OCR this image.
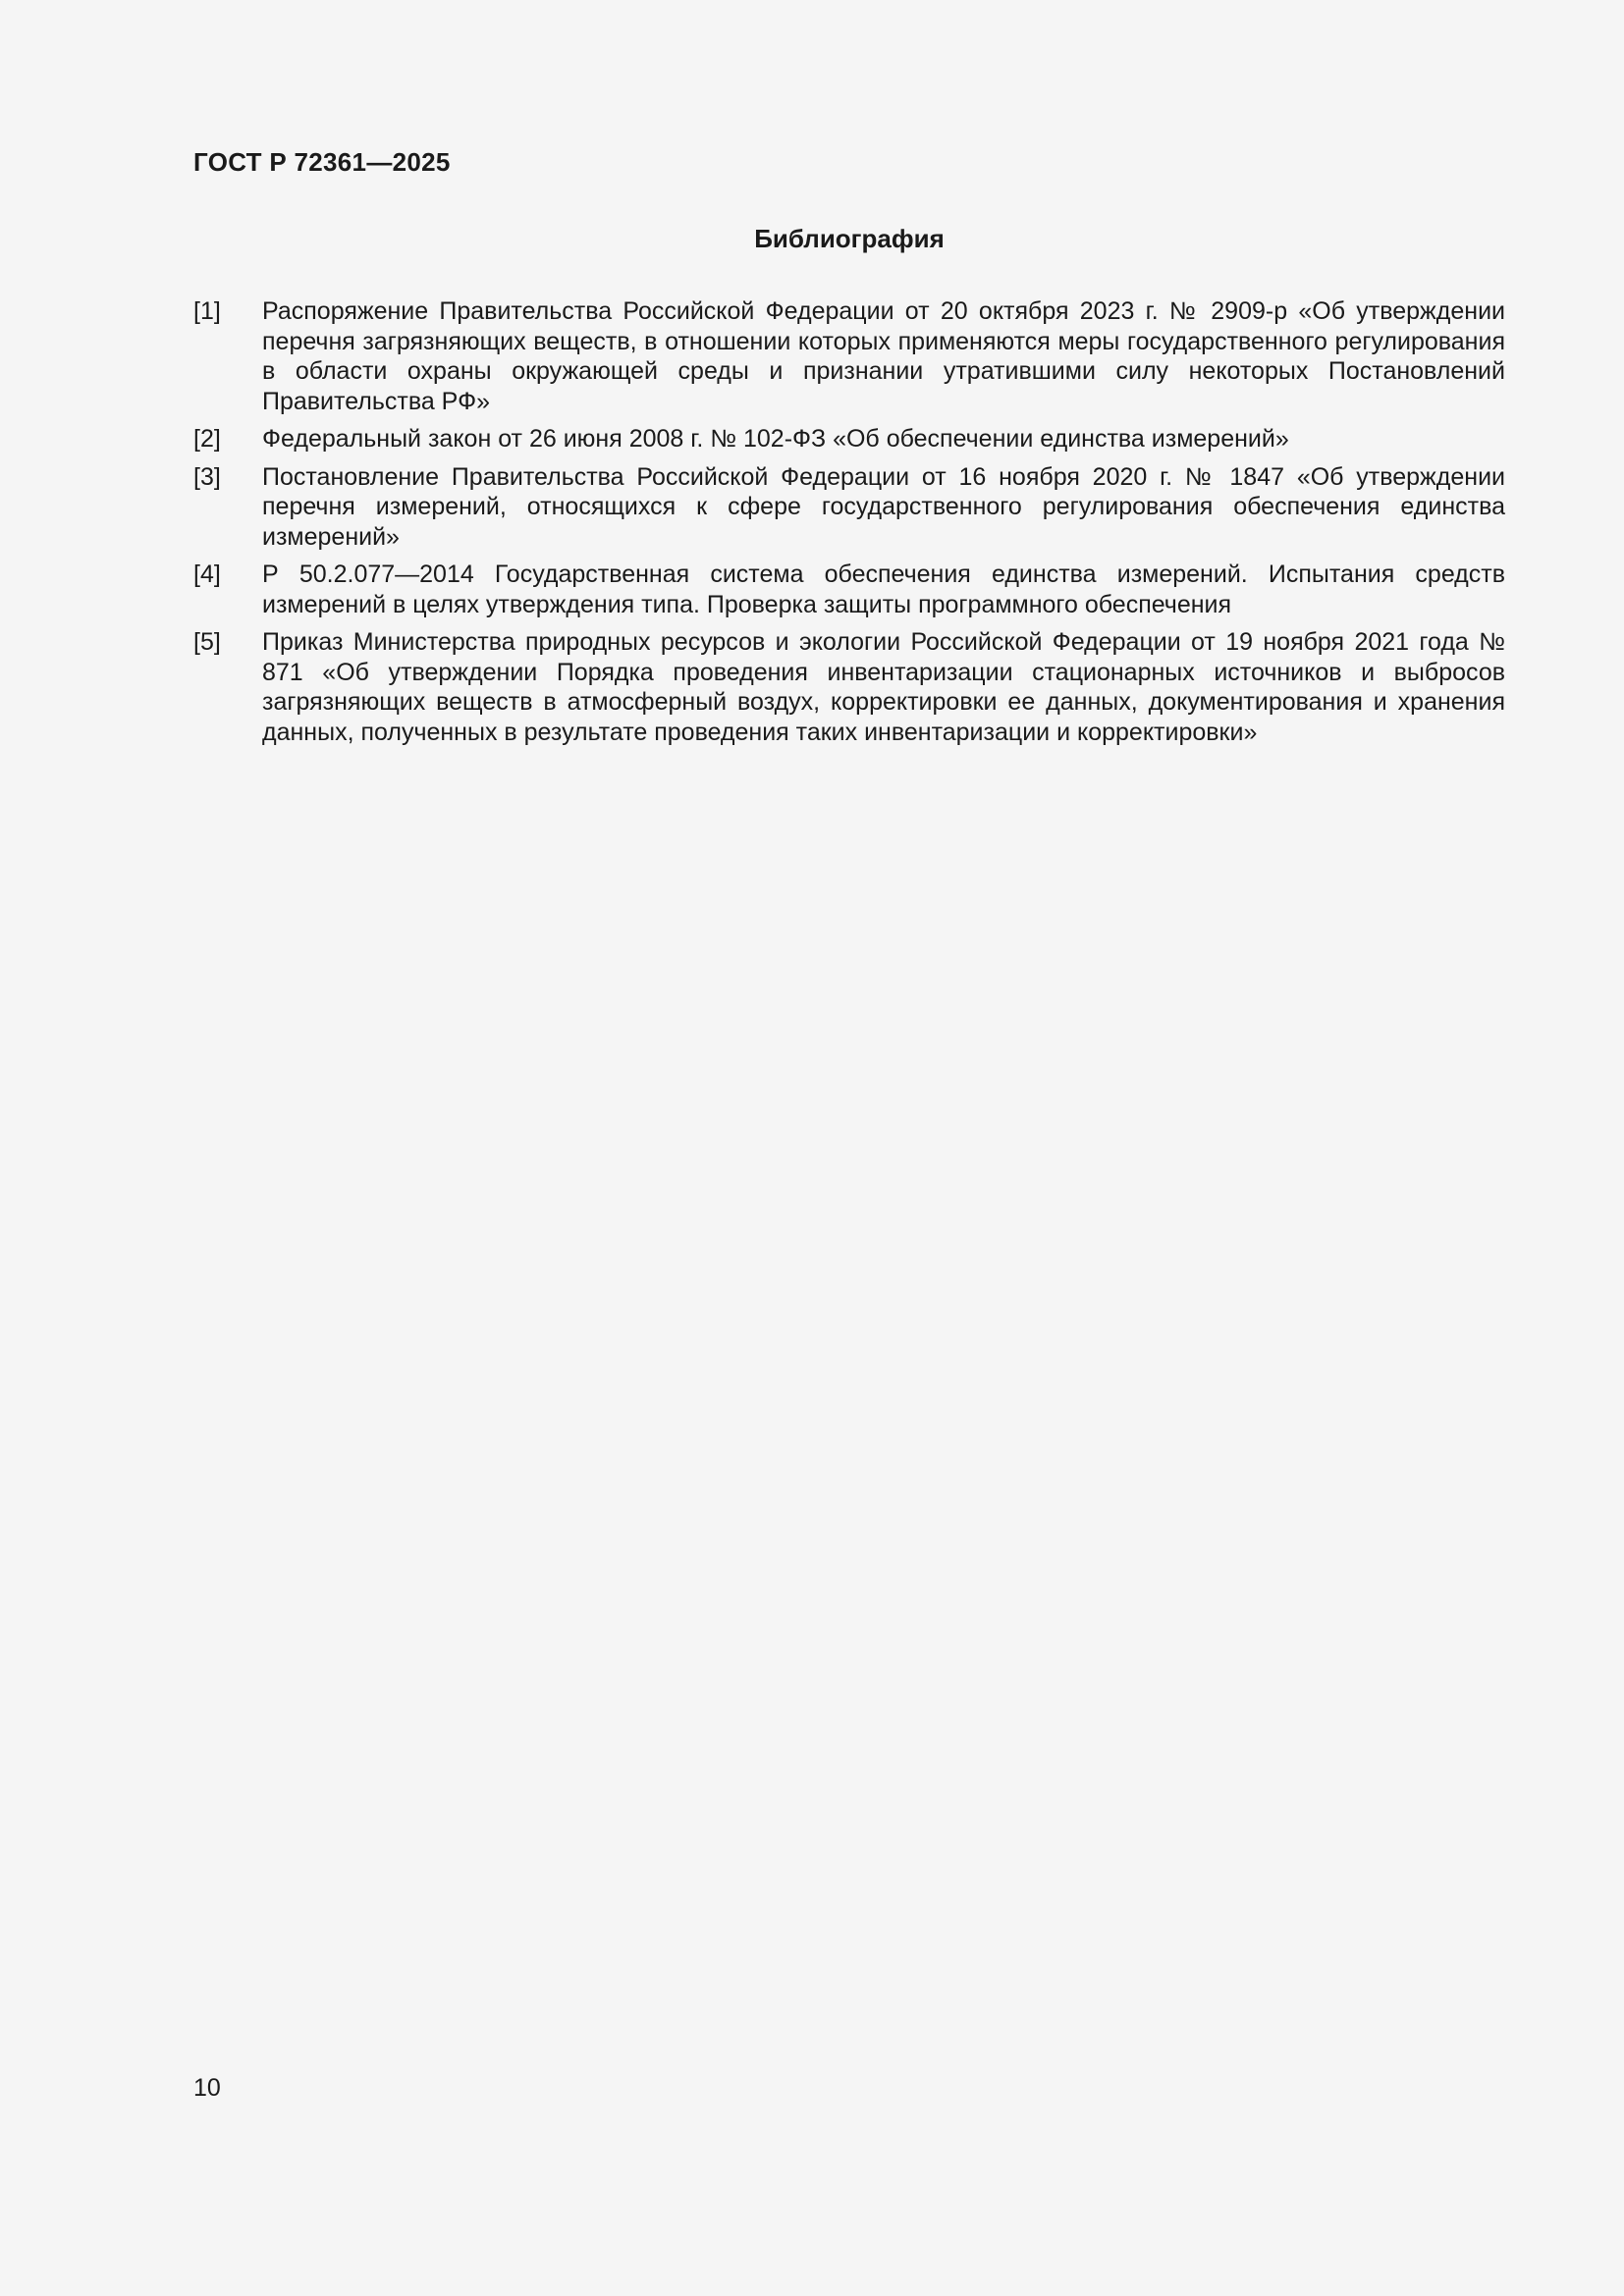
ГОСТ Р 72361—2025
Библиография
[1] Распоряжение Правительства Российской Федерации от 20 октября 2023 г. № 2909-р «Об утверждении перечня загрязняющих веществ, в отношении которых применяются меры государственного регулирования в области охраны окружающей среды и признании утратившими силу некоторых Постановлений Правительства РФ»
[2] Федеральный закон от 26 июня 2008 г. № 102-ФЗ «Об обеспечении единства измерений»
[3] Постановление Правительства Российской Федерации от 16 ноября 2020 г. № 1847 «Об утверждении перечня измерений, относящихся к сфере государственного регулирования обеспечения единства измерений»
[4] Р 50.2.077—2014 Государственная система обеспечения единства измерений. Испытания средств измерений в целях утверждения типа. Проверка защиты программного обеспечения
[5] Приказ Министерства природных ресурсов и экологии Российской Федерации от 19 ноября 2021 года № 871 «Об утверждении Порядка проведения инвентаризации стационарных источников и выбросов загрязняющих веществ в атмосферный воздух, корректировки ее данных, документирования и хранения данных, полученных в результате проведения таких инвентаризации и корректировки»
10
